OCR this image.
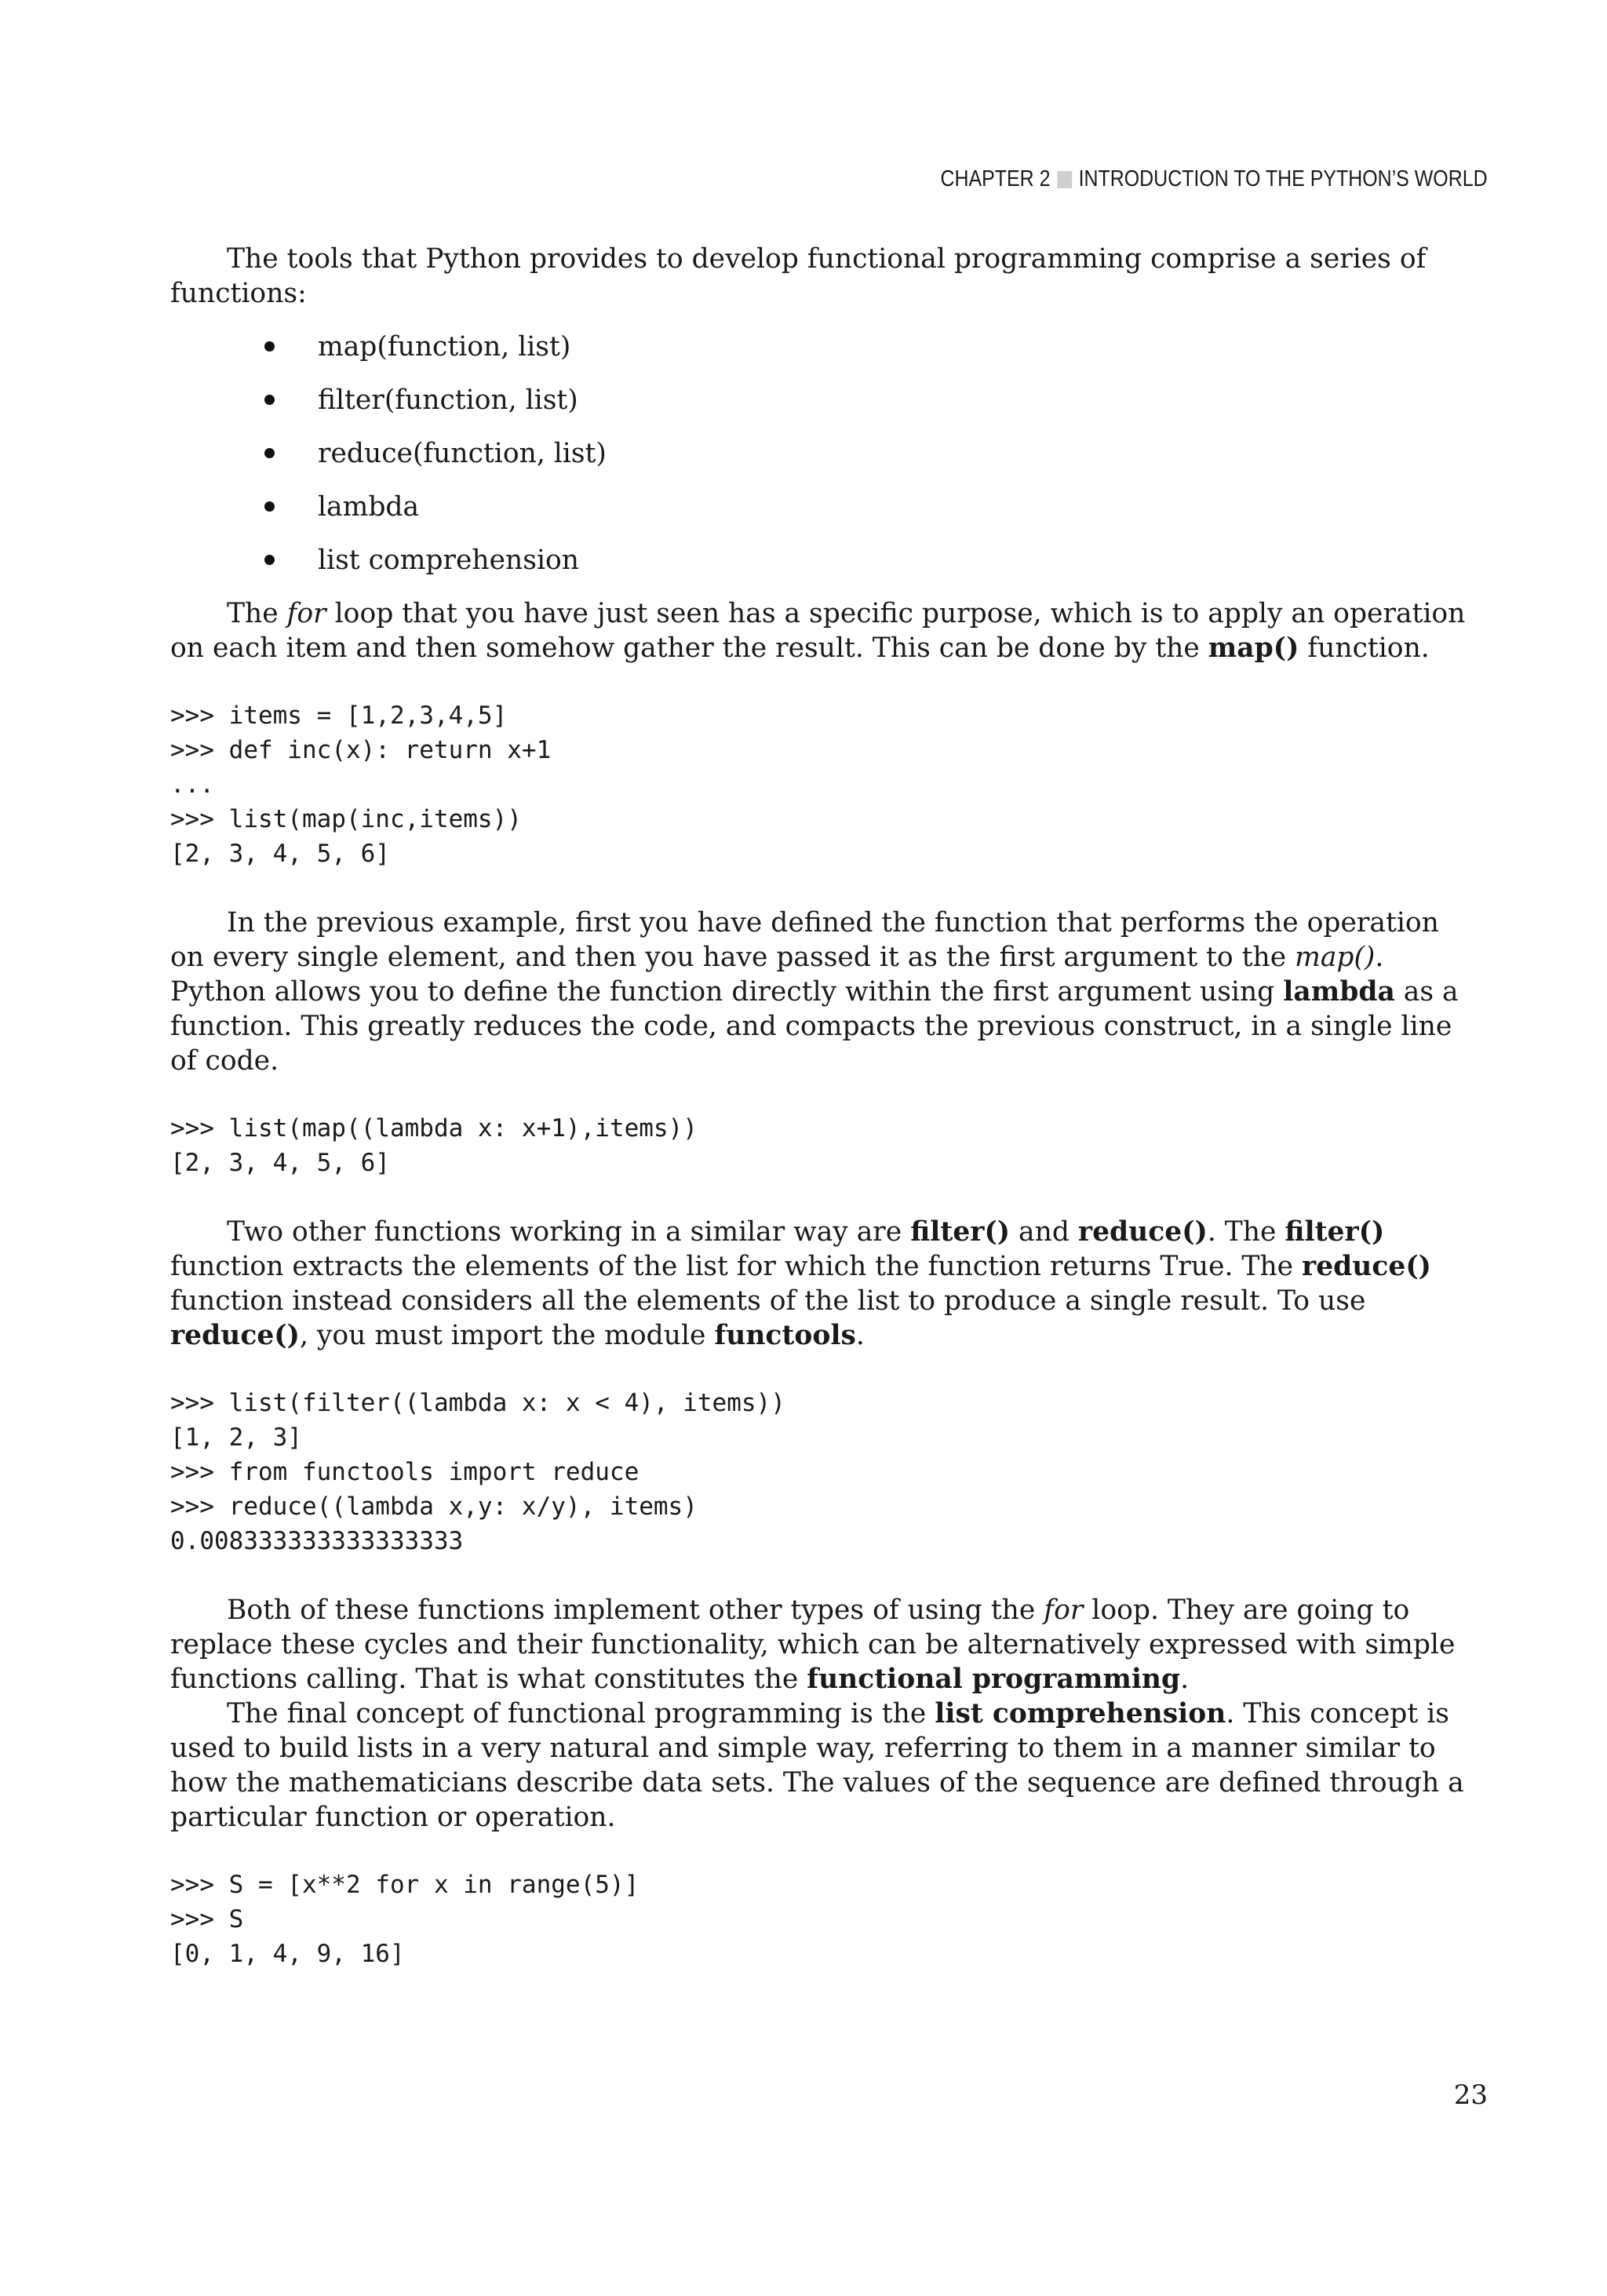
CHAPTER 2 INTRODUCTION TO THE PYTHON’S WORLD

The tools that Python provides to develop functional programming comprise a series of functions:

map(function, list)
filter(function, list)
reduce(function, list)
lambda
list comprehension

The for loop that you have just seen has a specific purpose, which is to apply an operation on each item and then somehow gather the result. This can be done by the map() function.

>>> items = [1,2,3,4,5]
>>> def inc(x): return x+1
...
>>> list(map(inc,items))
[2, 3, 4, 5, 6]

In the previous example, first you have defined the function that performs the operation on every single element, and then you have passed it as the first argument to the map(). Python allows you to define the function directly within the first argument using lambda as a function. This greatly reduces the code, and compacts the previous construct, in a single line of code.

>>> list(map((lambda x: x+1),items))
[2, 3, 4, 5, 6]

Two other functions working in a similar way are filter() and reduce(). The filter() function extracts the elements of the list for which the function returns True. The reduce() function instead considers all the elements of the list to produce a single result. To use reduce(), you must import the module functools.

>>> list(filter((lambda x: x < 4), items))
[1, 2, 3]
>>> from functools import reduce
>>> reduce((lambda x,y: x/y), items)
0.008333333333333333

Both of these functions implement other types of using the for loop. They are going to replace these cycles and their functionality, which can be alternatively expressed with simple functions calling. That is what constitutes the functional programming.

The final concept of functional programming is the list comprehension. This concept is used to build lists in a very natural and simple way, referring to them in a manner similar to how the mathematicians describe data sets. The values of the sequence are defined through a particular function or operation.

>>> S = [x**2 for x in range(5)]
>>> S
[0, 1, 4, 9, 16]
23
